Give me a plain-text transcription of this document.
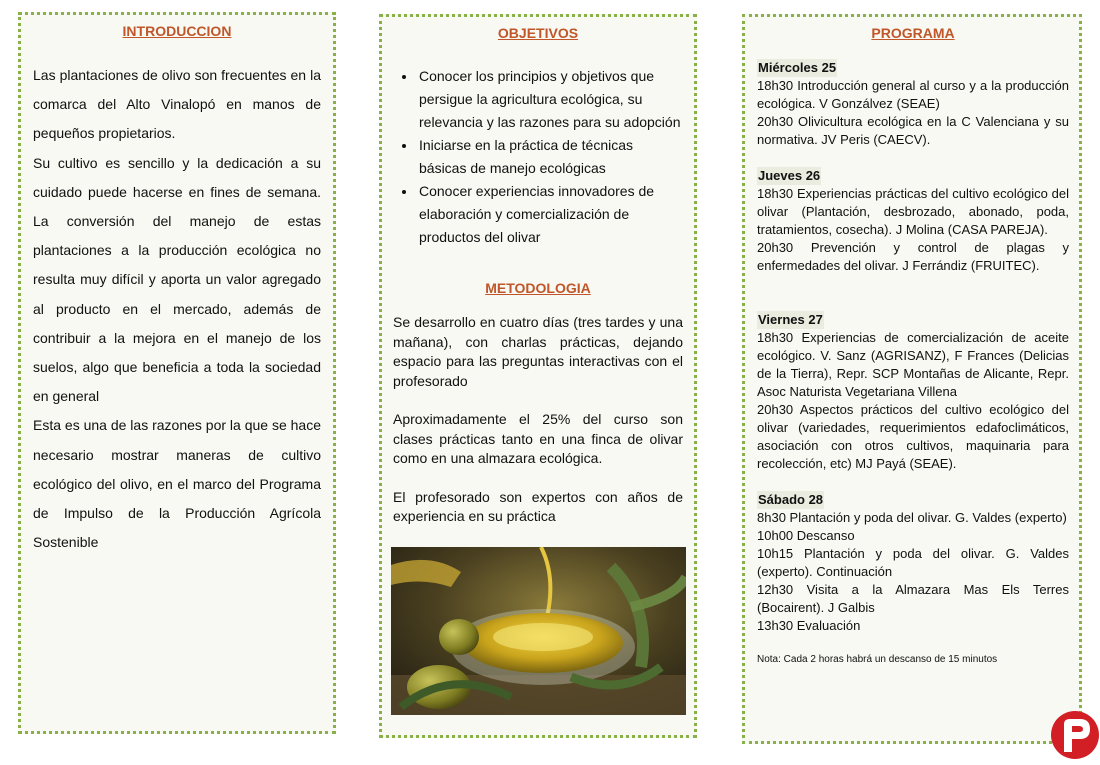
INTRODUCCION

Las plantaciones de olivo son frecuentes en la comarca del Alto Vinalopó en manos de pequeños propietarios.

Su cultivo es sencillo y la dedicación a su cuidado puede hacerse en fines de semana. La conversión del manejo de estas plantaciones a la producción ecológica no resulta muy difícil y aporta un valor agregado al producto en el mercado, además de contribuir a la mejora en el manejo de los suelos, algo que beneficia a toda la sociedad en general

Esta es una de las razones por la que se hace necesario mostrar maneras de cultivo ecológico del olivo, en el marco del Programa de Impulso de la Producción Agrícola Sostenible

OBJETIVOS
• Conocer los principios y objetivos que persigue la agricultura ecológica, su relevancia y las razones para su adopción
• Iniciarse en la práctica de técnicas básicas de manejo ecológicas
• Conocer experiencias innovadores de elaboración y comercialización de productos del olivar
METODOLOGIA

Se desarrollo en cuatro días (tres tardes y una mañana), con charlas prácticas, dejando espacio para las preguntas interactivas con el profesorado

Aproximadamente el 25% del curso son clases prácticas tanto en una finca de olivar como en una almazara ecológica.

El profesorado son expertos con años de experiencia en su práctica

PROGRAMA
Miércoles 25
18h30 Introducción general al curso y a la producción ecológica. V Gonzálvez (SEAE)
20h30 Olivicultura ecológica en la C Valenciana y su normativa. JV Peris (CAECV).
Jueves 26
18h30 Experiencias prácticas del cultivo ecológico del olivar (Plantación, desbrozado, abonado, poda, tratamientos, cosecha). J Molina (CASA PAREJA).
20h30 Prevención y control de plagas y enfermedades del olivar. J Ferrándiz (FRUITEC).
Viernes 27
18h30 Experiencias de comercialización de aceite ecológico. V. Sanz (AGRISANZ), F Frances (Delicias de la Tierra), Repr. SCP Montañas de Alicante, Repr. Asoc Naturista Vegetariana Villena
20h30 Aspectos prácticos del cultivo ecológico del olivar (variedades, requerimientos edafoclimáticos, asociación con otros cultivos, maquinaria para recolección, etc) MJ Payá (SEAE).
Sábado 28
8h30 Plantación y poda del olivar. G. Valdes (experto)
10h00 Descanso
10h15 Plantación y poda del olivar. G. Valdes (experto). Continuación
12h30 Visita a la Almazara Mas Els Terres (Bocairent). J Galbis
13h30 Evaluación
Nota: Cada 2 horas habrá un descanso de 15 minutos
